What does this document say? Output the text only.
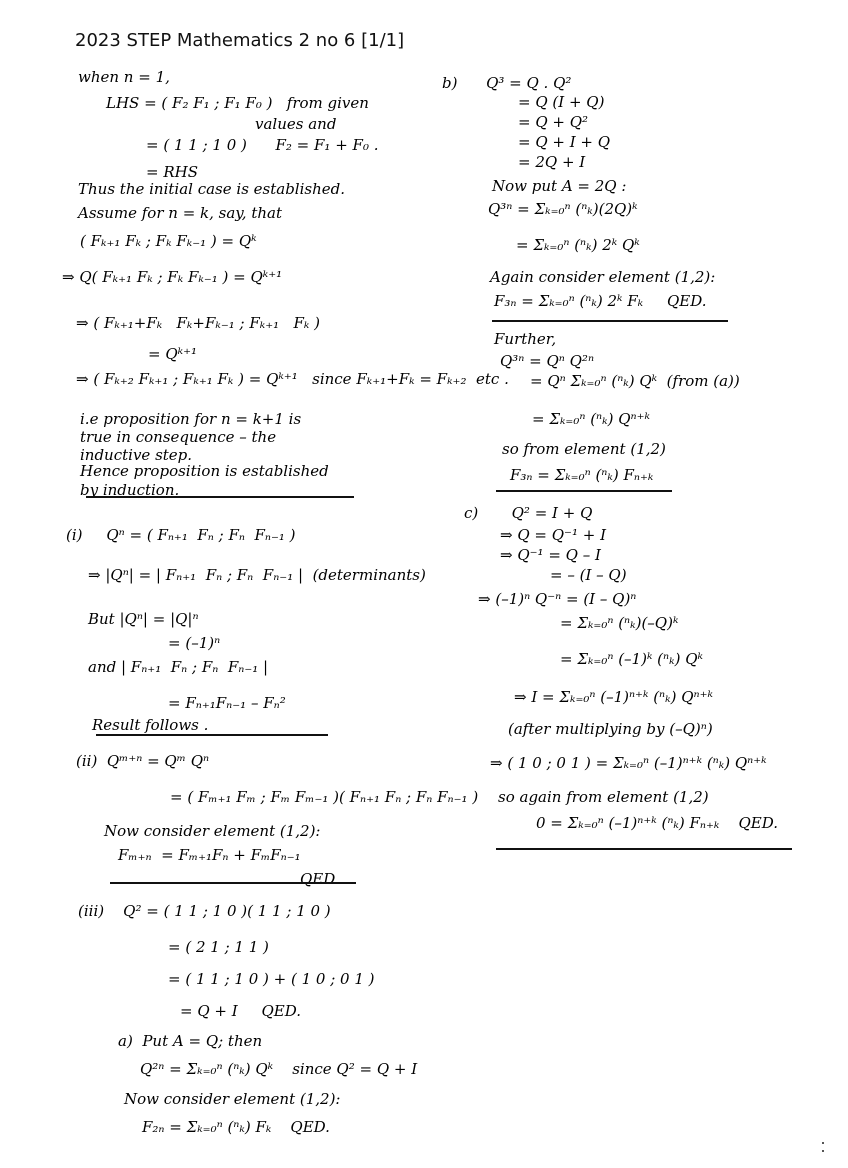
2023 STEP Mathematics 2 no 6 [1/1]
when n = 1,
LHS = ( F₂ F₁ ; F₁ F₀ )   from given
values and
= ( 1 1 ; 1 0 )      F₂ = F₁ + F₀ .
= RHS
Thus the initial case is established.
Assume for n = k, say, that
( Fₖ₊₁ Fₖ ; Fₖ Fₖ₋₁ ) = Qᵏ
⇒ Q( Fₖ₊₁ Fₖ ; Fₖ Fₖ₋₁ ) = Qᵏ⁺¹
⇒ ( Fₖ₊₁+Fₖ   Fₖ+Fₖ₋₁ ; Fₖ₊₁   Fₖ )
= Qᵏ⁺¹
⇒ ( Fₖ₊₂ Fₖ₊₁ ; Fₖ₊₁ Fₖ ) = Qᵏ⁺¹   since Fₖ₊₁+Fₖ = Fₖ₊₂  etc .
i.e proposition for n = k+1 is
true in consequence – the
inductive step.
Hence proposition is established
by induction.
(i)     Qⁿ = ( Fₙ₊₁  Fₙ ; Fₙ  Fₙ₋₁ )
⇒ |Qⁿ| = | Fₙ₊₁  Fₙ ; Fₙ  Fₙ₋₁ |  (determinants)
But |Qⁿ| = |Q|ⁿ
= (–1)ⁿ
and | Fₙ₊₁  Fₙ ; Fₙ  Fₙ₋₁ |
= Fₙ₊₁Fₙ₋₁ – Fₙ²
Result follows .
(ii)  Qᵐ⁺ⁿ = Qᵐ Qⁿ
= ( Fₘ₊₁ Fₘ ; Fₘ Fₘ₋₁ )( Fₙ₊₁ Fₙ ; Fₙ Fₙ₋₁ )
Now consider element (1,2):
Fₘ₊ₙ  = Fₘ₊₁Fₙ + FₘFₙ₋₁
QED
(iii)    Q² = ( 1 1 ; 1 0 )( 1 1 ; 1 0 )
= ( 2 1 ; 1 1 )
= ( 1 1 ; 1 0 ) + ( 1 0 ; 0 1 )
= Q + I     QED.
a)  Put A = Q; then
Q²ⁿ = Σₖ₌₀ⁿ (ⁿₖ) Qᵏ    since Q² = Q + I
Now consider element (1,2):
F₂ₙ = Σₖ₌₀ⁿ (ⁿₖ) Fₖ    QED.
b)      Q³ = Q . Q²
= Q (I + Q)
= Q + Q²
= Q + I + Q
= 2Q + I
Now put A = 2Q :
Q³ⁿ = Σₖ₌₀ⁿ (ⁿₖ)(2Q)ᵏ
= Σₖ₌₀ⁿ (ⁿₖ) 2ᵏ Qᵏ
Again consider element (1,2):
F₃ₙ = Σₖ₌₀ⁿ (ⁿₖ) 2ᵏ Fₖ     QED.
Further,
Q³ⁿ = Qⁿ Q²ⁿ
= Qⁿ Σₖ₌₀ⁿ (ⁿₖ) Qᵏ  (from (a))
= Σₖ₌₀ⁿ (ⁿₖ) Qⁿ⁺ᵏ
so from element (1,2)
F₃ₙ = Σₖ₌₀ⁿ (ⁿₖ) Fₙ₊ₖ
c)       Q² = I + Q
⇒ Q = Q⁻¹ + I
⇒ Q⁻¹ = Q – I
= – (I – Q)
⇒ (–1)ⁿ Q⁻ⁿ = (I – Q)ⁿ
= Σₖ₌₀ⁿ (ⁿₖ)(–Q)ᵏ
= Σₖ₌₀ⁿ (–1)ᵏ (ⁿₖ) Qᵏ
⇒ I = Σₖ₌₀ⁿ (–1)ⁿ⁺ᵏ (ⁿₖ) Qⁿ⁺ᵏ
(after multiplying by (–Q)ⁿ)
⇒ ( 1 0 ; 0 1 ) = Σₖ₌₀ⁿ (–1)ⁿ⁺ᵏ (ⁿₖ) Qⁿ⁺ᵏ
so again from element (1,2)
0 = Σₖ₌₀ⁿ (–1)ⁿ⁺ᵏ (ⁿₖ) Fₙ₊ₖ    QED.
